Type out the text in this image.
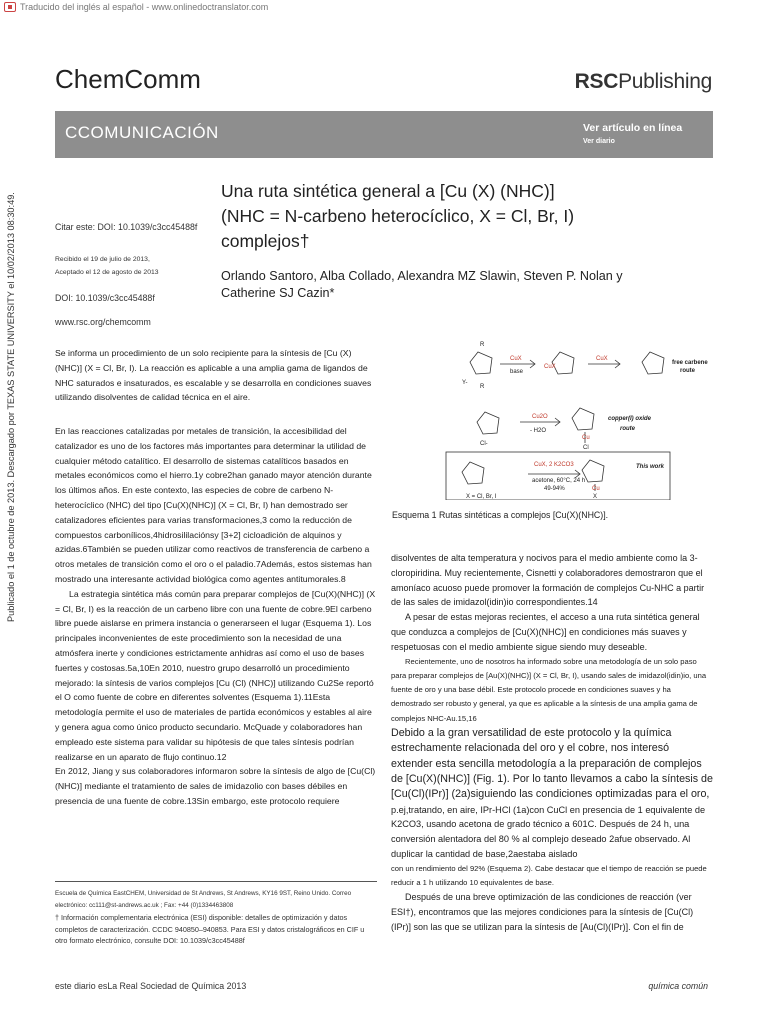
Traducido del inglés al español - www.onlinedoctranslator.com
Publicado el 1 de octubre de 2013. Descargado por TEXAS STATE UNIVERSITY el 10/02/2013 08:30:49.
ChemComm	RSCPublishing
CCOMUNICACIÓN	Ver artículo en línea
Ver diario
Una ruta sintética general a [Cu (X) (NHC)]
(NHC = N-carbeno heterocíclico, X = Cl, Br, I)
complejos†
Orlando Santoro, Alba Collado, Alexandra MZ Slawin, Steven P. Nolan y
Catherine SJ Cazin*
Citar este: DOI: 10.1039/c3cc45488f
Recibido el 19 de julio de 2013,
Aceptado el 12 de agosto de 2013
DOI: 10.1039/c3cc45488f
www.rsc.org/chemcomm

Se informa un procedimiento de un solo recipiente para la síntesis de [Cu (X) (NHC)] (X = Cl, Br, I). La reacción es aplicable a una amplia gama de ligandos de NHC saturados e insaturados, es escalable y se desarrolla en condiciones suaves utilizando disolventes de calidad técnica en el aire.

En las reacciones catalizadas por metales de transición, la accesibilidad del catalizador es uno de los factores más importantes para determinar la utilidad de cualquier método catalítico. El desarrollo de sistemas catalíticos basados en metales económicos como el hierro.1y cobre2han ganado mayor atención durante los últimos años. En este contexto, las especies de cobre de carbeno N-heterocíclico (NHC) del tipo [Cu(X)(NHC)] (X = Cl, Br, I) han demostrado ser catalizadores eficientes para varias transformaciones,3 como la reducción de compuestos carbonílicos,4hidrosililaciónsy [3+2] cicloadición de alquinos y azidas.6También se pueden utilizar como reactivos de transferencia de carbeno a otros metales de transición como el oro o el paladio.7Además, estos sistemas han mostrado una interesante actividad biológica como agentes antitumorales.8

La estrategia sintética más común para preparar complejos de [Cu(X)(NHC)] (X = Cl, Br, I) es la reacción de un carbeno libre con una fuente de cobre.9El carbeno libre puede aislarse en primera instancia o generarseen el lugar (Esquema 1). Los principales inconvenientes de este procedimiento son la necesidad de una atmósfera inerte y condiciones estrictamente anhidras así como el uso de bases fuertes y costosas.5a,10En 2010, nuestro grupo desarrolló un procedimiento mejorado: la síntesis de varios complejos [Cu (Cl) (NHC)] utilizando Cu2Se reportó el O como fuente de cobre en diferentes solventes (Esquema 1).11Esta metodología permite el uso de materiales de partida económicos y estables al aire y genera agua como único producto secundario. McQuade y colaboradores han empleado este sistema para validar su hipótesis de que tales síntesis podrían realizarse en un aparato de flujo continuo.12

En 2012, Jiang y sus colaboradores informaron sobre la síntesis de algo de [Cu(Cl)(NHC)] mediante el tratamiento de sales de imidazolio con bases débiles en presencia de una fuente de cobre.13Sin embargo, este protocolo requiere

Escuela de Química EastCHEM, Universidad de St Andrews, St Andrews, KY16 9ST, Reino Unido. Correo electrónico: cc111@st-andrews.ac.uk ; Fax: +44 (0)1334463808

† Información complementaria electrónica (ESI) disponible: detalles de optimización y datos completos de caracterización. CCDC 940850–940853. Para ESI y datos cristalográficos en CIF u otro formato electrónico, consulte DOI: 10.1039/c3cc45488f

R
R
Y-
CuX
base
CuX
CuX
free carbene
route
Cl-
Cu2O
- H2O
copper(I) oxide
route
Cu
Cl
CuX, 2 K2CO3
acetone, 60°C, 24 h
49-94%
This work
Cu
X
X = Cl, Br, I
Esquema 1 Rutas sintéticas a complejos [Cu(X)(NHC)].

disolventes de alta temperatura y nocivos para el medio ambiente como la 3-cloropiridina. Muy recientemente, Cisnetti y colaboradores demostraron que el amoníaco acuoso puede promover la formación de complejos Cu-NHC a partir de las sales de imidazol(idin)io correspondientes.14

A pesar de estas mejoras recientes, el acceso a una ruta sintética general que conduzca a complejos de [Cu(X)(NHC)] en condiciones más suaves y respetuosas con el medio ambiente sigue siendo muy deseable.

Recientemente, uno de nosotros ha informado sobre una metodología de un solo paso para preparar complejos de [Au(X)(NHC)] (X = Cl, Br, I), usando sales de imidazol(idin)io, una fuente de oro y una base débil. Este protocolo procede en condiciones suaves y ha demostrado ser robusto y general, ya que es aplicable a la síntesis de una amplia gama de complejos NHC-Au.15,16

Debido a la gran versatilidad de este protocolo y la química estrechamente relacionada del oro y el cobre, nos interesó extender esta sencilla metodología a la preparación de complejos de [Cu(X)(NHC)] (Fig. 1). Por lo tanto llevamos a cabo la síntesis de [Cu(Cl)(IPr)] (2a)siguiendo las condiciones optimizadas para el oro,

p.ej,tratando, en aire, IPr-HCl (1a)con CuCl en presencia de 1 equivalente de K2CO3, usando acetona de grado técnico a 601C. Después de 24 h, una conversión alentadora del 80 % al complejo deseado 2afue observado. Al duplicar la cantidad de base,2aestaba aislado

con un rendimiento del 92% (Esquema 2). Cabe destacar que el tiempo de reacción se puede reducir a 1 h utilizando 10 equivalentes de base.

Después de una breve optimización de las condiciones de reacción (ver ESI†), encontramos que las mejores condiciones para la síntesis de [Cu(Cl)(IPr)] son las que se utilizan para la síntesis de [Au(Cl)(IPr)]. Con el fin de

este diario esLa Real Sociedad de Química 2013	química común
